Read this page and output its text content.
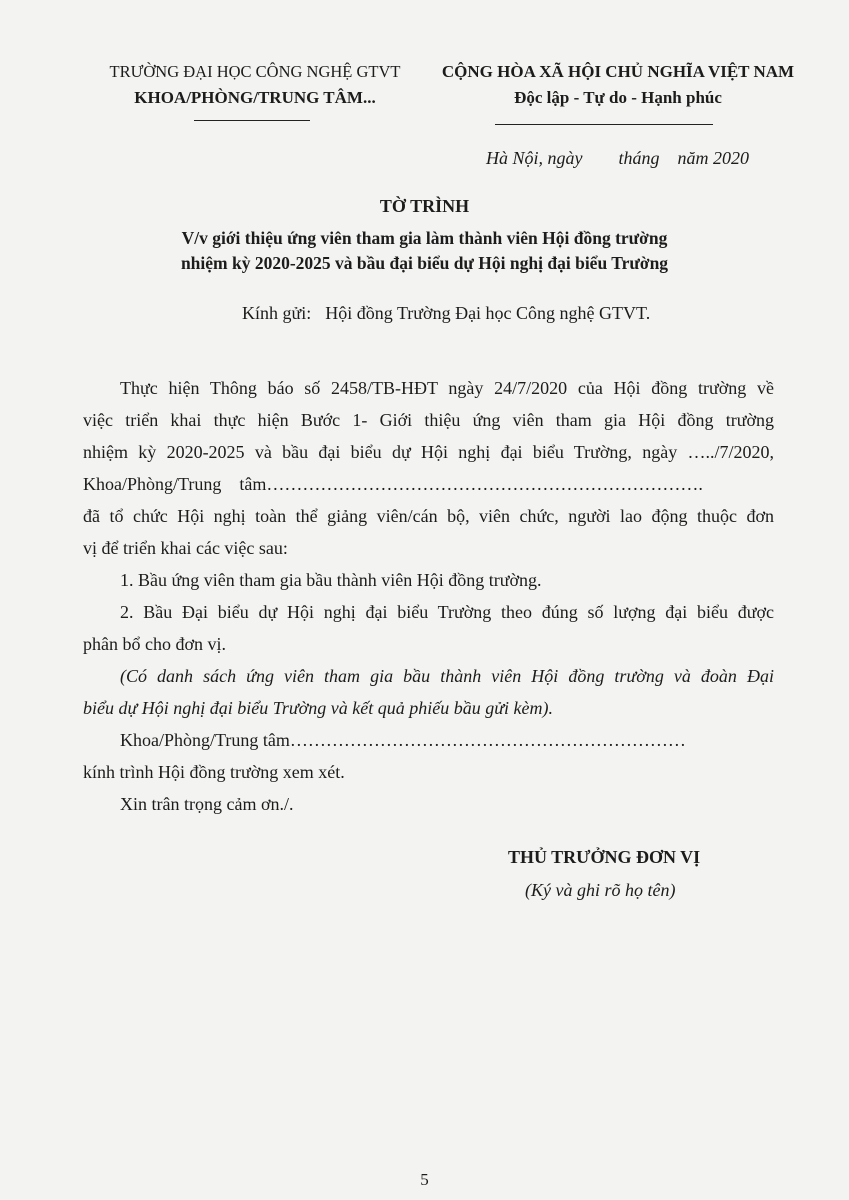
TRƯỜNG ĐẠI HỌC CÔNG NGHỆ GTVT
KHOA/PHÒNG/TRUNG TÂM...
CỘNG HÒA XÃ HỘI CHỦ NGHĨA VIỆT NAM
Độc lập - Tự do - Hạnh phúc
Hà Nội, ngày        tháng    năm 2020
TỜ TRÌNH
V/v giới thiệu ứng viên tham gia làm thành viên Hội đồng trường
nhiệm kỳ 2020-2025 và bầu đại biểu dự Hội nghị đại biểu Trường
Kính gửi: Hội đồng Trường Đại học Công nghệ GTVT.
Thực hiện Thông báo số 2458/TB-HĐT ngày 24/7/2020 của Hội đồng trường về
việc triển khai thực hiện Bước 1- Giới thiệu ứng viên tham gia Hội đồng trường
nhiệm kỳ 2020-2025 và bầu đại biểu dự Hội nghị đại biểu Trường, ngày …../7/2020,
Khoa/Phòng/Trung    tâm……………………………………………………………….
đã tổ chức Hội nghị toàn thể giảng viên/cán bộ, viên chức, người lao động thuộc đơn
vị để triển khai các việc sau:
1. Bầu ứng viên tham gia bầu thành viên Hội đồng trường.
2. Bầu Đại biểu dự Hội nghị đại biểu Trường theo đúng số lượng đại biểu được
phân bổ cho đơn vị.
(Có danh sách ứng viên tham gia bầu thành viên Hội đồng trường và đoàn Đại
biểu dự Hội nghị đại biểu Trường và kết quả phiếu bầu gửi kèm).
Khoa/Phòng/Trung tâm…………………………………………………………
kính trình Hội đồng trường xem xét.
Xin trân trọng cảm ơn./.
THỦ TRƯỞNG ĐƠN VỊ
(Ký và ghi rõ họ tên)
5
